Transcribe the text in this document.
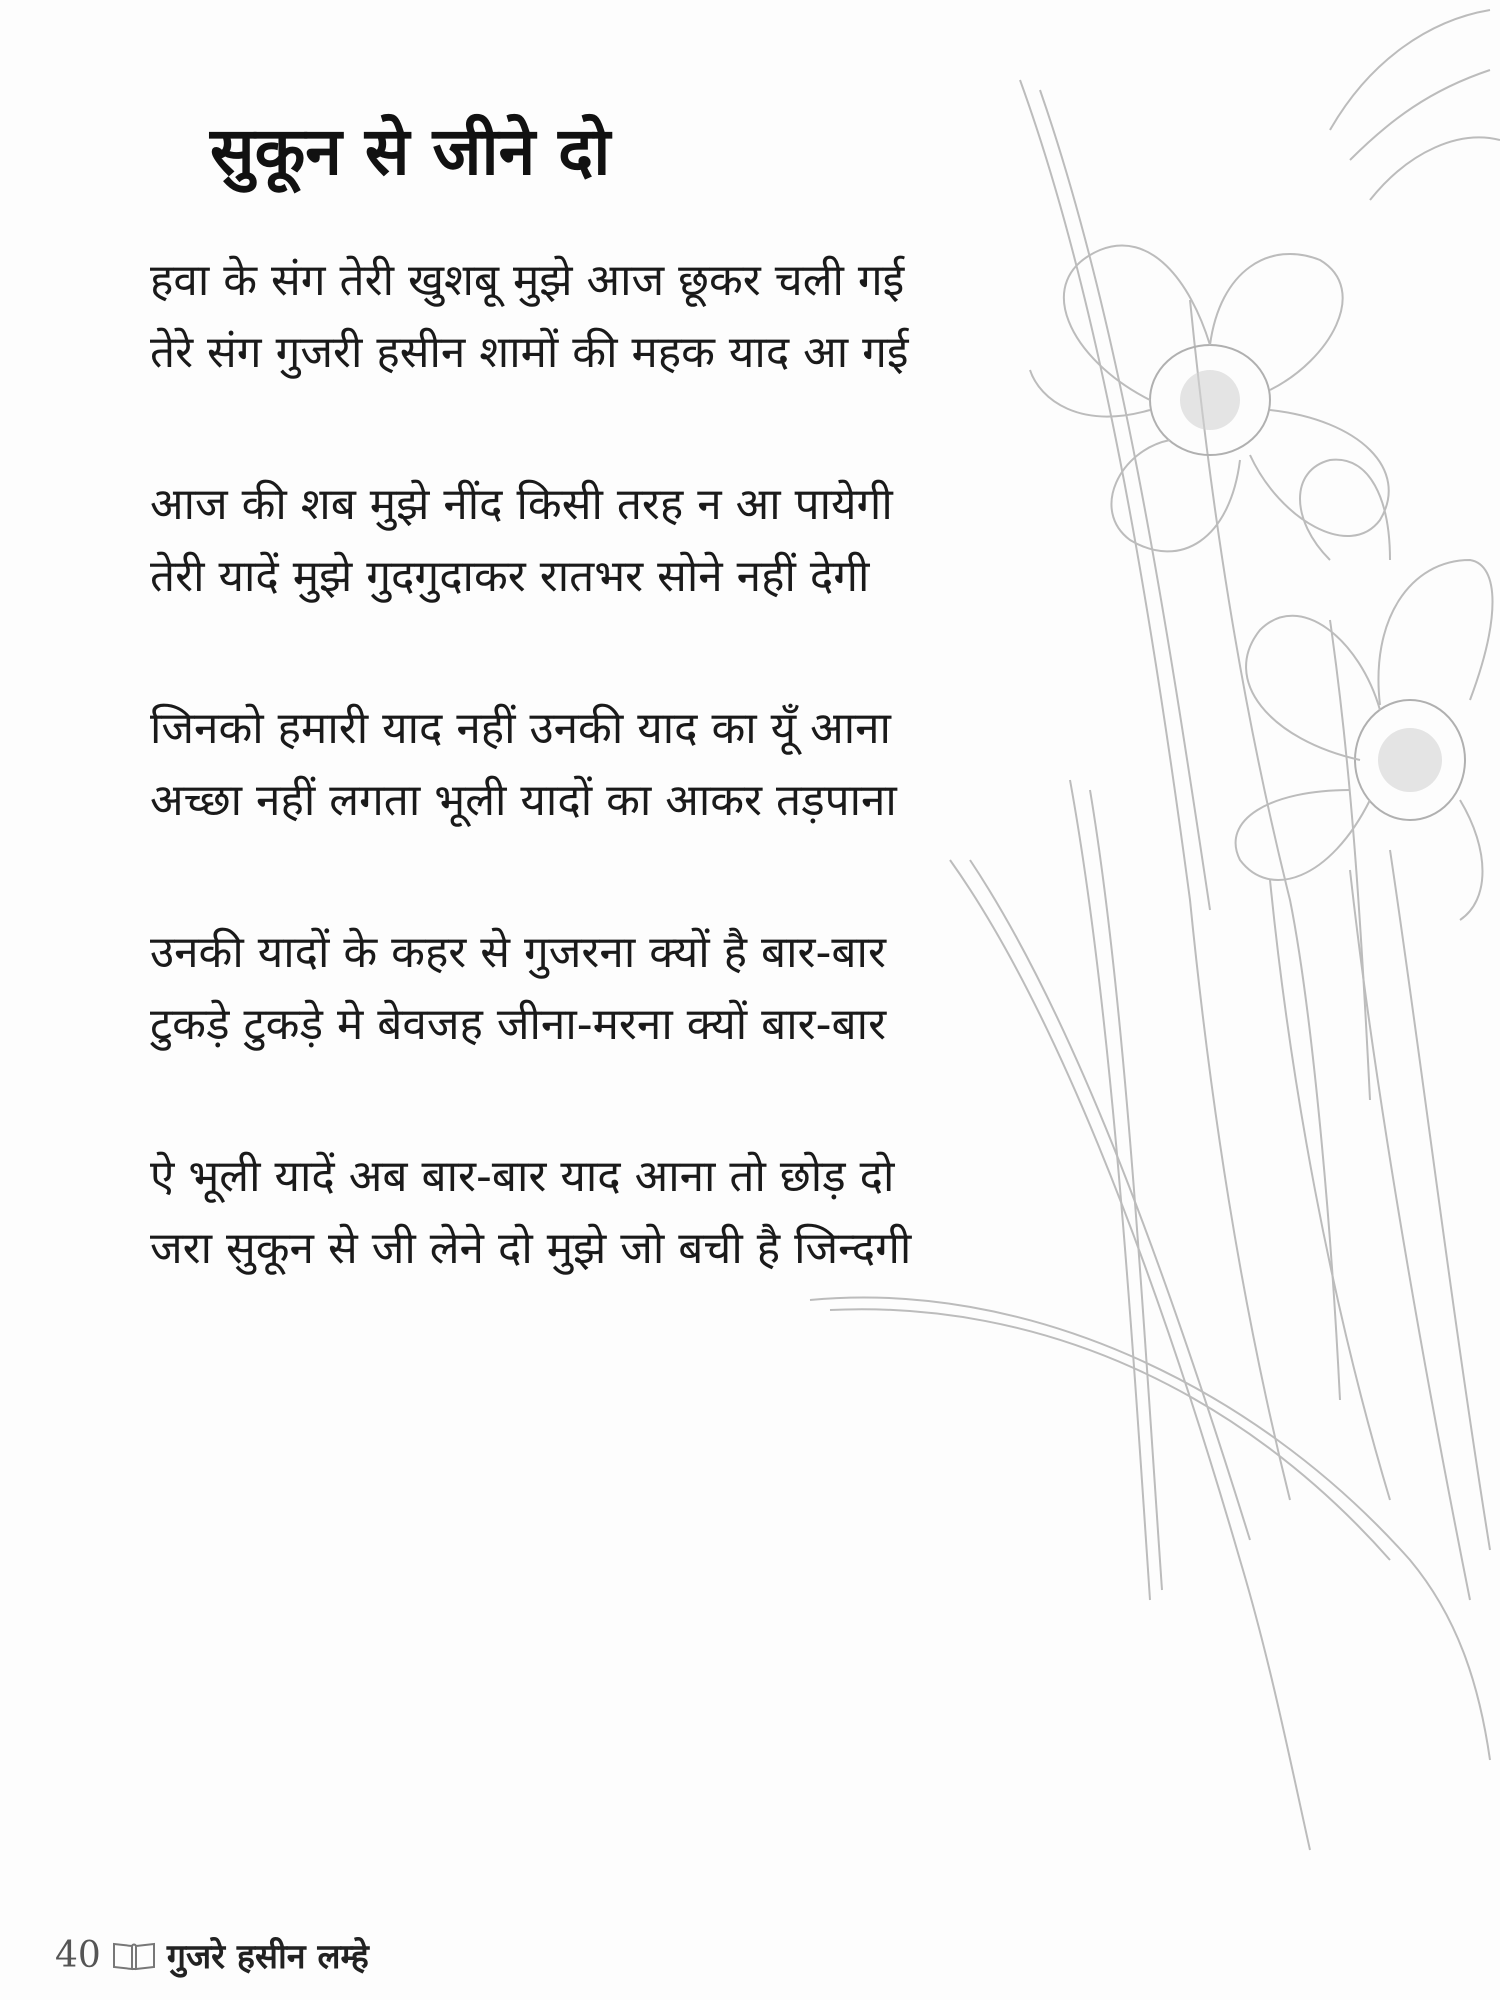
सुकून से जीने दो
हवा के संग तेरी खुशबू मुझे आज छूकर चली गई
तेरे संग गुजरी हसीन शामों की महक याद आ गई
आज की शब मुझे नींद किसी तरह न आ पायेगी
तेरी यादें मुझे गुदगुदाकर रातभर सोने नहीं देगी
जिनको हमारी याद नहीं उनकी याद का यूँ आना
अच्छा नहीं लगता भूली यादों का आकर तड़पाना
उनकी यादों के कहर से गुजरना क्यों है बार-बार
टुकड़े टुकड़े मे बेवजह जीना-मरना क्यों बार-बार
ऐ भूली यादें अब बार-बार याद आना तो छोड़ दो
जरा सुकून से जी लेने दो मुझे जो बची है जिन्दगी
40 गुजरे हसीन लम्हे
